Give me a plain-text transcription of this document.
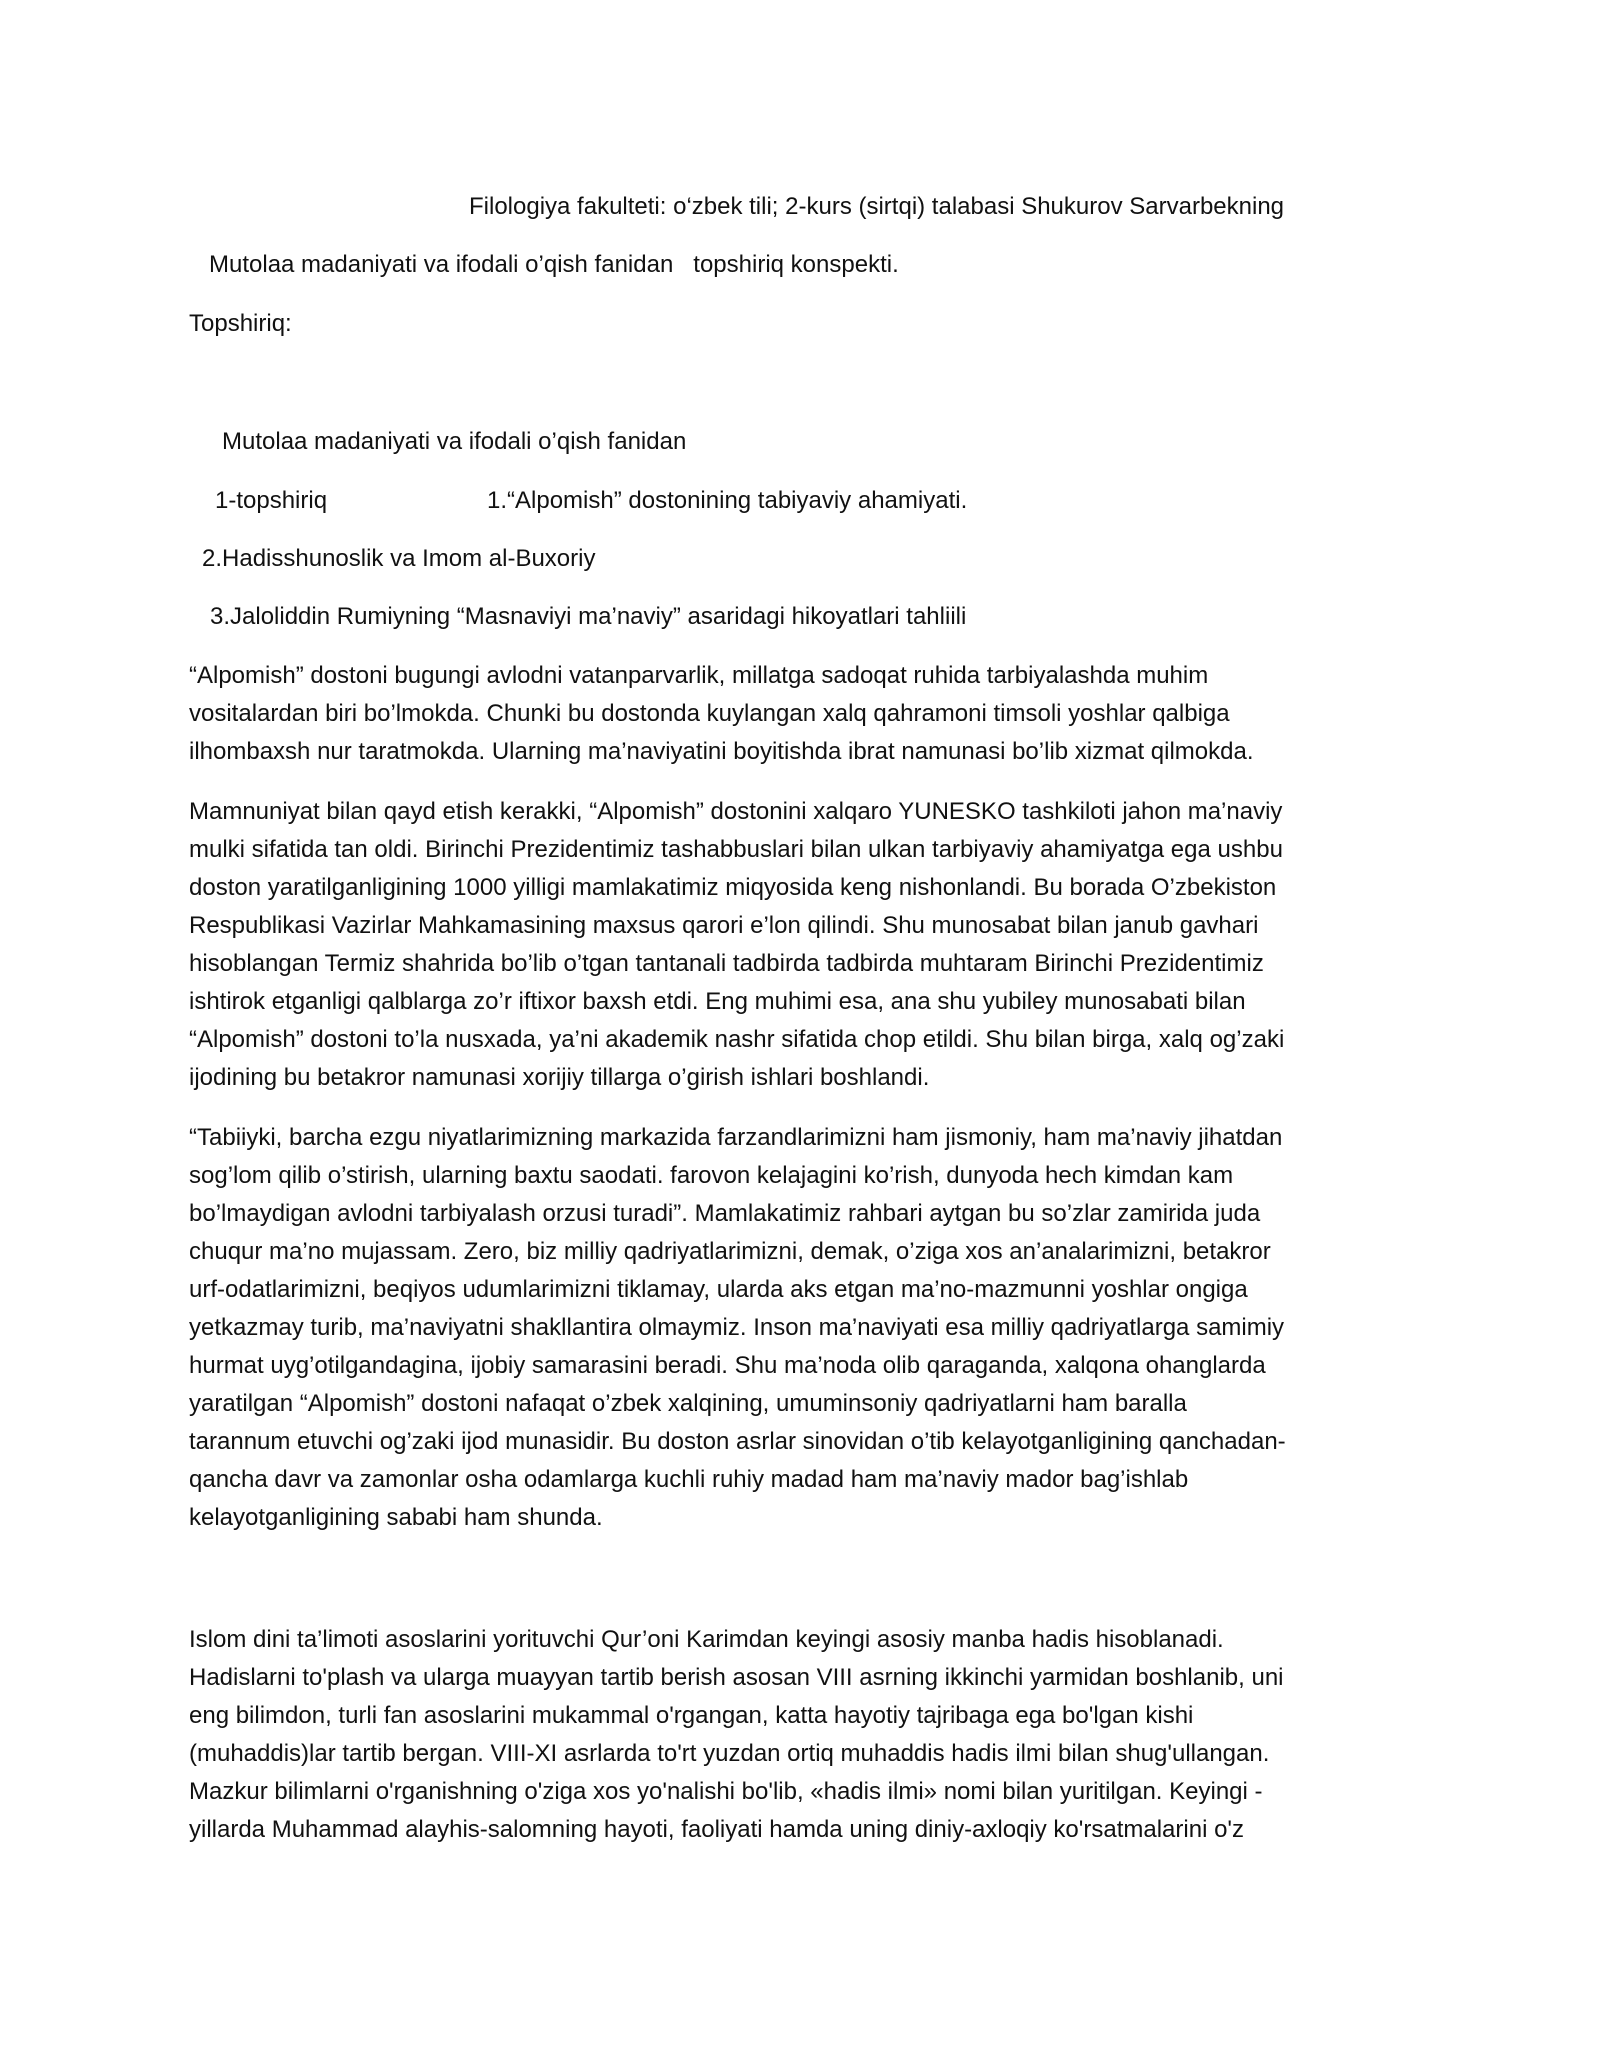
Filologiya fakulteti: o‘zbek tili; 2-kurs (sirtqi) talabasi Shukurov Sarvarbekning
Mutolaa madaniyati va ifodali o’qish fanidan   topshiriq konspekti.
Topshiriq:
Mutolaa madaniyati va ifodali o’qish fanidan
1-topshiriq	1.“Alpomish” dostonining tabiyaviy ahamiyati.
2.Hadisshunoslik va Imom al-Buxoriy
3.Jaloliddin Rumiyning “Masnaviyi ma’naviy” asaridagi hikoyatlari tahliili
“Alpomish” dostoni bugungi avlodni vatanparvarlik, millatga sadoqat ruhida tarbiyalashda muhim
vositalardan biri bo’lmokda. Chunki bu dostonda kuylangan xalq qahramoni timsoli yoshlar qalbiga
ilhombaxsh nur taratmokda. Ularning ma’naviyatini boyitishda ibrat namunasi bo’lib xizmat qilmokda.
Mamnuniyat bilan qayd etish kerakki, “Alpomish” dostonini xalqaro YUNESKO tashkiloti jahon ma’naviy
mulki sifatida tan oldi. Birinchi Prezidentimiz tashabbuslari bilan ulkan tarbiyaviy ahamiyatga ega ushbu
doston yaratilganligining 1000 yilligi mamlakatimiz miqyosida keng nishonlandi. Bu borada O’zbekiston
Respublikasi Vazirlar Mahkamasining maxsus qarori e’lon qilindi. Shu munosabat bilan janub gavhari
hisoblangan Termiz shahrida bo’lib o’tgan tantanali tadbirda tadbirda muhtaram Birinchi Prezidentimiz
ishtirok etganligi qalblarga zo’r iftixor baxsh etdi. Eng muhimi esa, ana shu yubiley munosabati bilan
“Alpomish” dostoni to’la nusxada, ya’ni akademik nashr sifatida chop etildi. Shu bilan birga, xalq og’zaki
ijodining bu betakror namunasi xorijiy tillarga o’girish ishlari boshlandi.
“Tabiiyki, barcha ezgu niyatlarimizning markazida farzandlarimizni ham jismoniy, ham ma’naviy jihatdan
sog’lom qilib o’stirish, ularning baxtu saodati. farovon kelajagini ko’rish, dunyoda hech kimdan kam
bo’lmaydigan avlodni tarbiyalash orzusi turadi”. Mamlakatimiz rahbari aytgan bu so’zlar zamirida juda
chuqur ma’no mujassam. Zero, biz milliy qadriyatlarimizni, demak, o’ziga xos an’analarimizni, betakror
urf-odatlarimizni, beqiyos udumlarimizni tiklamay, ularda aks etgan ma’no-mazmunni yoshlar ongiga
yetkazmay turib, ma’naviyatni shakllantira olmaymiz. Inson ma’naviyati esa milliy qadriyatlarga samimiy
hurmat uyg’otilgandagina, ijobiy samarasini beradi. Shu ma’noda olib qaraganda, xalqona ohanglarda
yaratilgan “Alpomish” dostoni nafaqat o’zbek xalqining, umuminsoniy qadriyatlarni ham baralla
tarannum etuvchi og’zaki ijod munasidir. Bu doston asrlar sinovidan o’tib kelayotganligining qanchadan-
qancha davr va zamonlar osha odamlarga kuchli ruhiy madad ham ma’naviy mador bag’ishlab
kelayotganligining sababi ham shunda.
Islom dini ta’limoti asoslarini yorituvchi Qur’oni Karimdan keyingi asosiy manba hadis hisoblanadi.
Hadislarni to'plash va ularga muayyan tartib berish asosan VIII asrning ikkinchi yarmidan boshlanib, uni
eng bilimdon, turli fan asoslarini mukammal o'rgangan, katta hayotiy tajribaga ega bo'lgan kishi
(muhaddis)lar tartib bergan. VIII-XI asrlarda to'rt yuzdan ortiq muhaddis hadis ilmi bilan shug'ullangan.
Mazkur bilimlarni o'rganishning o'ziga xos yo'nalishi bo'lib, «hadis ilmi» nomi bilan yuritilgan. Keyingi -
yillarda Muhammad alayhis-salomning hayoti, faoliyati hamda uning diniy-axloqiy ko'rsatmalarini o'z
